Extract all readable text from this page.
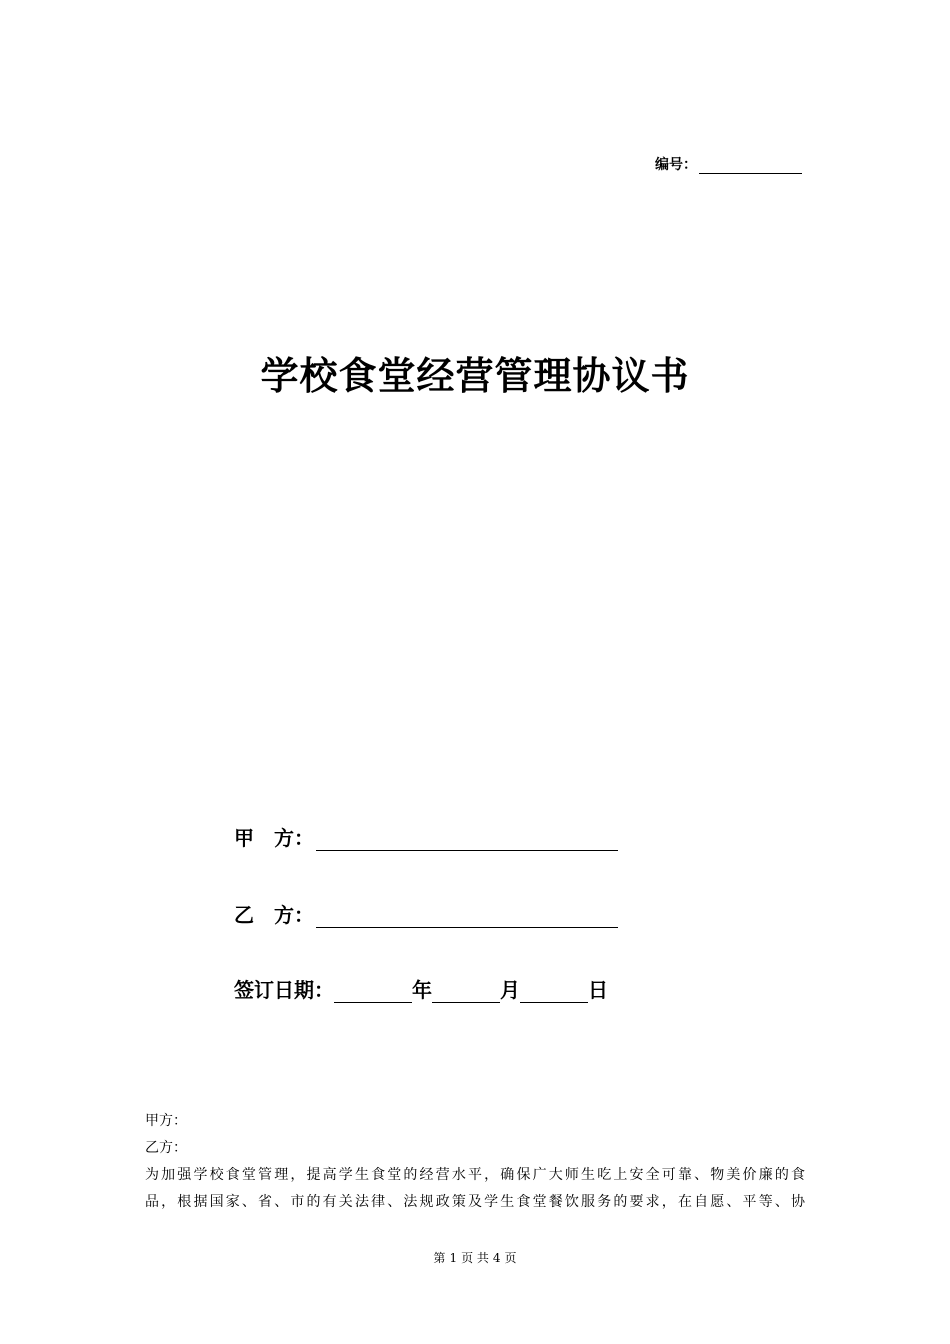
编号：
学校食堂经营管理协议书
甲　方：
乙　方：
签订日期：	年	月	日

甲方：

乙方：

为加强学校食堂管理，提高学生食堂的经营水平，确保广大师生吃上安全可靠、物美价廉的食

品，根据国家、省、市的有关法律、法规政策及学生食堂餐饮服务的要求，在自愿、平等、协

第 1 页 共 4 页
